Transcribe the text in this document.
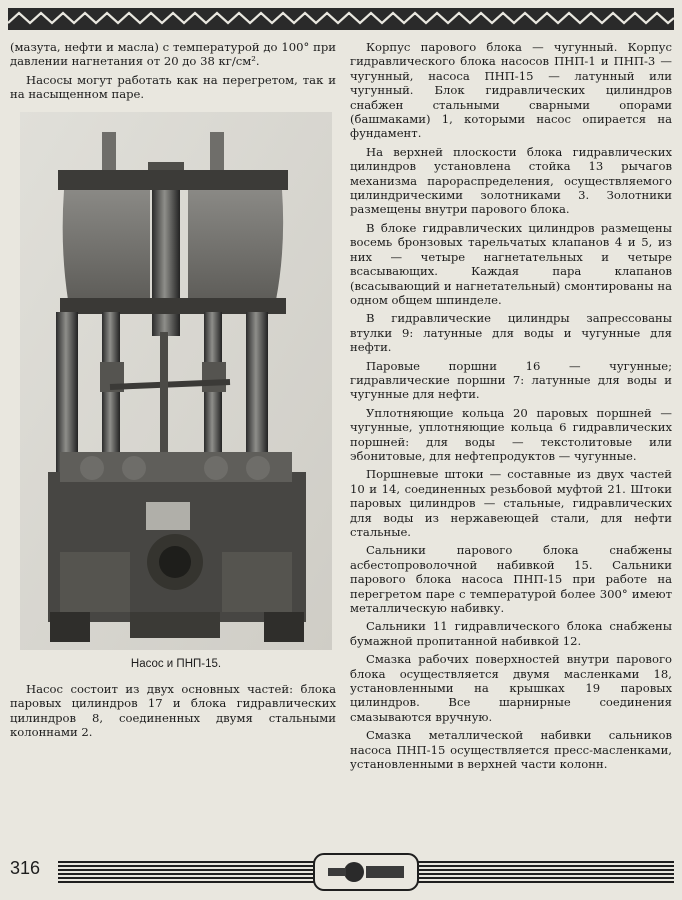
(мазута, нефти и масла) с температурой до 100° при давлении нагнетания от 20 до 38 кг/см².

Насосы могут работать как на перегретом, так и на насыщенном паре.

Насос и ПНП-15.

Насос состоит из двух основных частей: блока паровых цилиндров 17 и блока гидравлических цилиндров 8, соединенных двумя стальными колоннами 2.

Корпус парового блока — чугунный. Корпус гидравлического блока насосов ПНП-1 и ПНП-3 — чугунный, насоса ПНП-15 — латунный или чугунный. Блок гидравлических цилиндров снабжен стальными сварными опорами (башмаками) 1, которыми насос опирается на фундамент.

На верхней плоскости блока гидравлических цилиндров установлена стойка 13 рычагов механизма парораспределения, осуществляемого цилиндрическими золотниками 3. Золотники размещены внутри парового блока.

В блоке гидравлических цилиндров размещены восемь бронзовых тарельчатых клапанов 4 и 5, из них — четыре нагнетательных и четыре всасывающих. Каждая пара клапанов (всасывающий и нагнетательный) смонтированы на одном общем шпинделе.

В гидравлические цилиндры запрессованы втулки 9: латунные для воды и чугунные для нефти.

Паровые поршни 16 — чугунные; гидравлические поршни 7: латунные для воды и чугунные для нефти.

Уплотняющие кольца 20 паровых поршней — чугунные, уплотняющие кольца 6 гидравлических поршней: для воды — текстолитовые или эбонитовые, для нефтепродуктов — чугунные.

Поршневые штоки — составные из двух частей 10 и 14, соединенных резьбовой муфтой 21. Штоки паровых цилиндров — стальные, гидравлических для воды из нержавеющей стали, для нефти стальные.

Сальники парового блока снабжены асбестопроволочной набивкой 15. Сальники парового блока насоса ПНП-15 при работе на перегретом паре с температурой более 300° имеют металлическую набивку.

Сальники 11 гидравлического блока снабжены бумажной пропитанной набивкой 12.

Смазка рабочих поверхностей внутри парового блока осуществляется двумя масленками 18, установленными на крышках 19 паровых цилиндров. Все шарнирные соединения смазываются вручную.

Смазка металлической набивки сальников насоса ПНП-15 осуществляется пресс-масленками, установленными в верхней части колонн.

316
